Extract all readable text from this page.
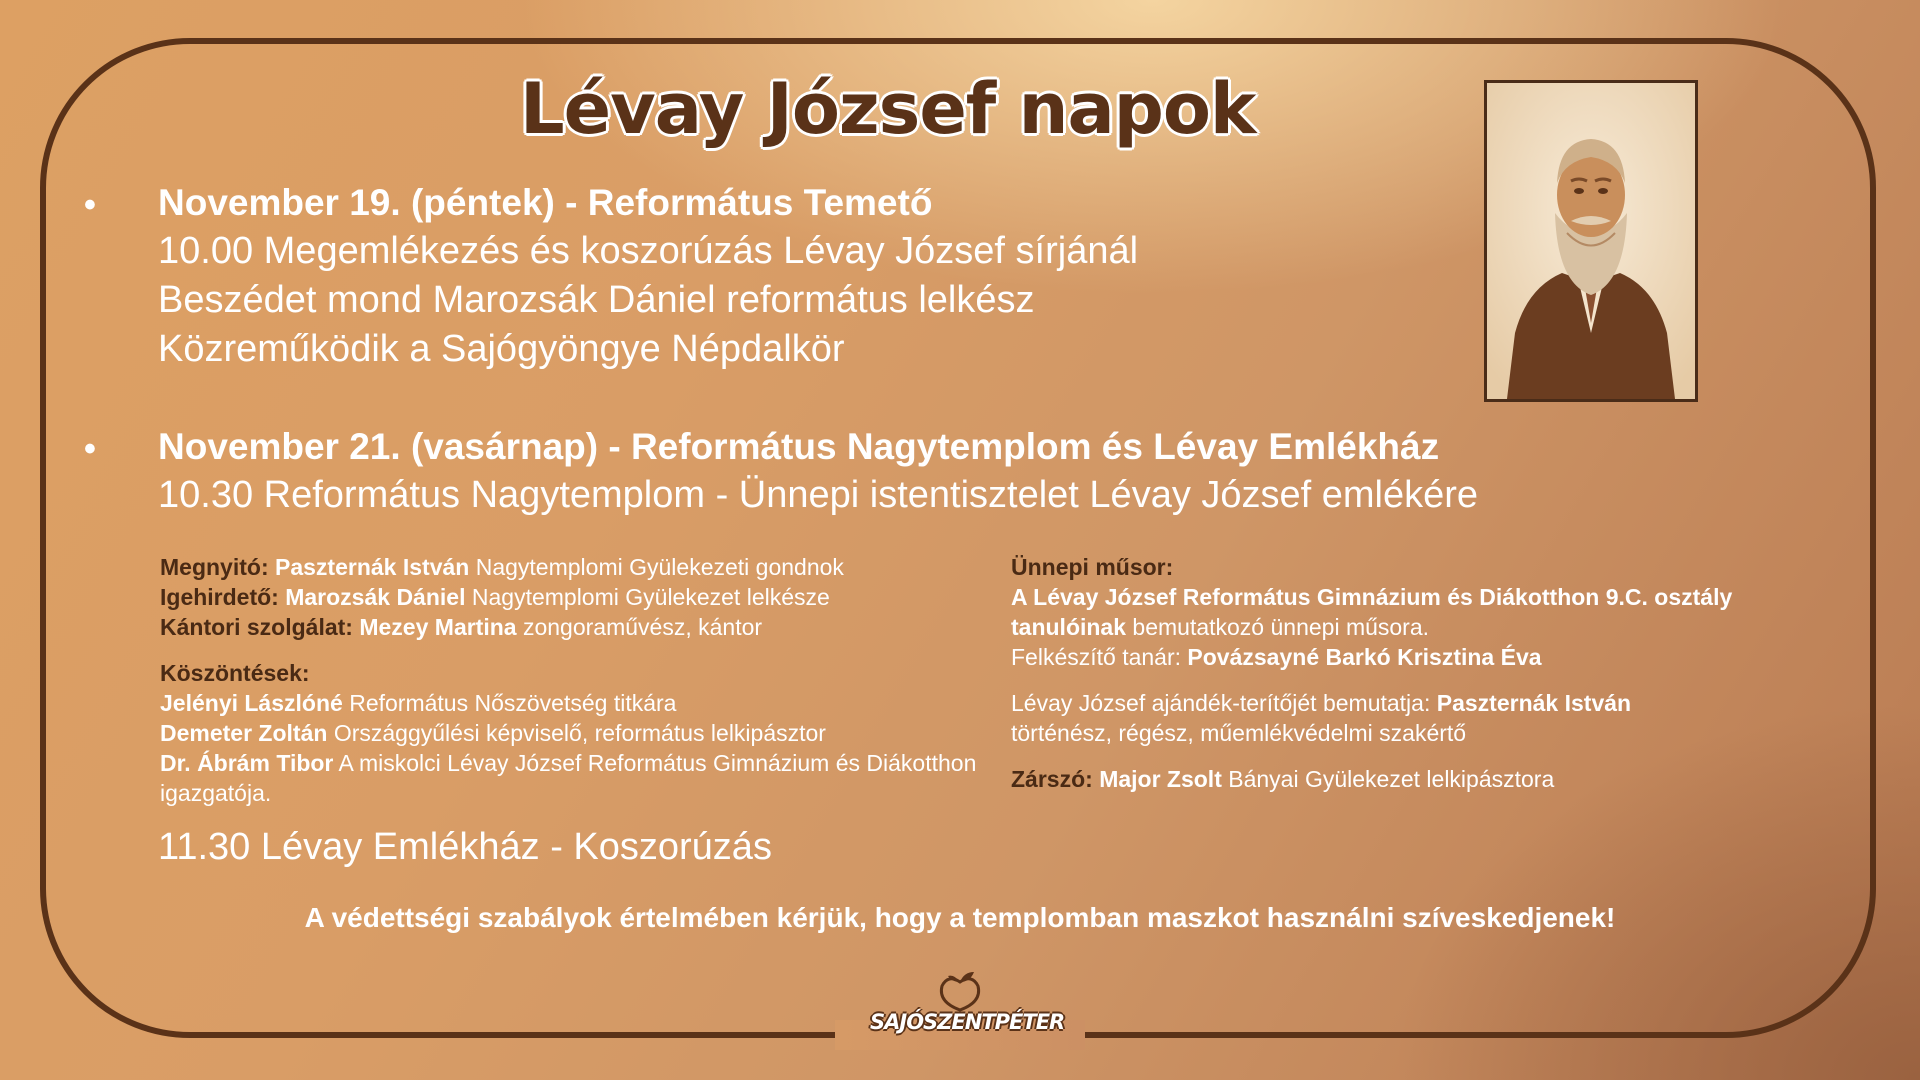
Lévay József napok
• November 19. (péntek) - Református Temető
10.00 Megemlékezés és koszorúzás Lévay József sírjánál
Beszédet mond Marozsák Dániel református lelkész
Közreműködik a Sajógyöngye Népdalkör
• November 21. (vasárnap) - Református Nagytemplom és Lévay Emlékház
10.30 Református Nagytemplom - Ünnepi istentisztelet Lévay József emlékére
Megnyitó: Paszternák István Nagytemplomi Gyülekezeti gondnok
Igehirdető: Marozsák Dániel Nagytemplomi Gyülekezet lelkésze
Kántori szolgálat: Mezey Martina zongoraművész, kántor
Köszöntések:
Jelényi Lászlóné Református Nőszövetség titkára
Demeter Zoltán Országgyűlési képviselő, református lelkipásztor
Dr. Ábrám Tibor A miskolci Lévay József Református Gimnázium és Diákotthon igazgatója.
Ünnepi műsor:
A Lévay József Református Gimnázium és Diákotthon 9.C. osztály tanulóinak bemutatkozó ünnepi műsora.
Felkészítő tanár: Povázsayné Barkó Krisztina Éva
Lévay József ajándék-terítőjét bemutatja: Paszternák István
történész, régész, műemlékvédelmi szakértő
Zárszó: Major Zsolt Bányai Gyülekezet lelkipásztora
11.30 Lévay Emlékház - Koszorúzás
A védettségi szabályok értelmében kérjük, hogy a templomban maszkot használni szíveskedjenek!
SAJÓSZENTPÉTER
